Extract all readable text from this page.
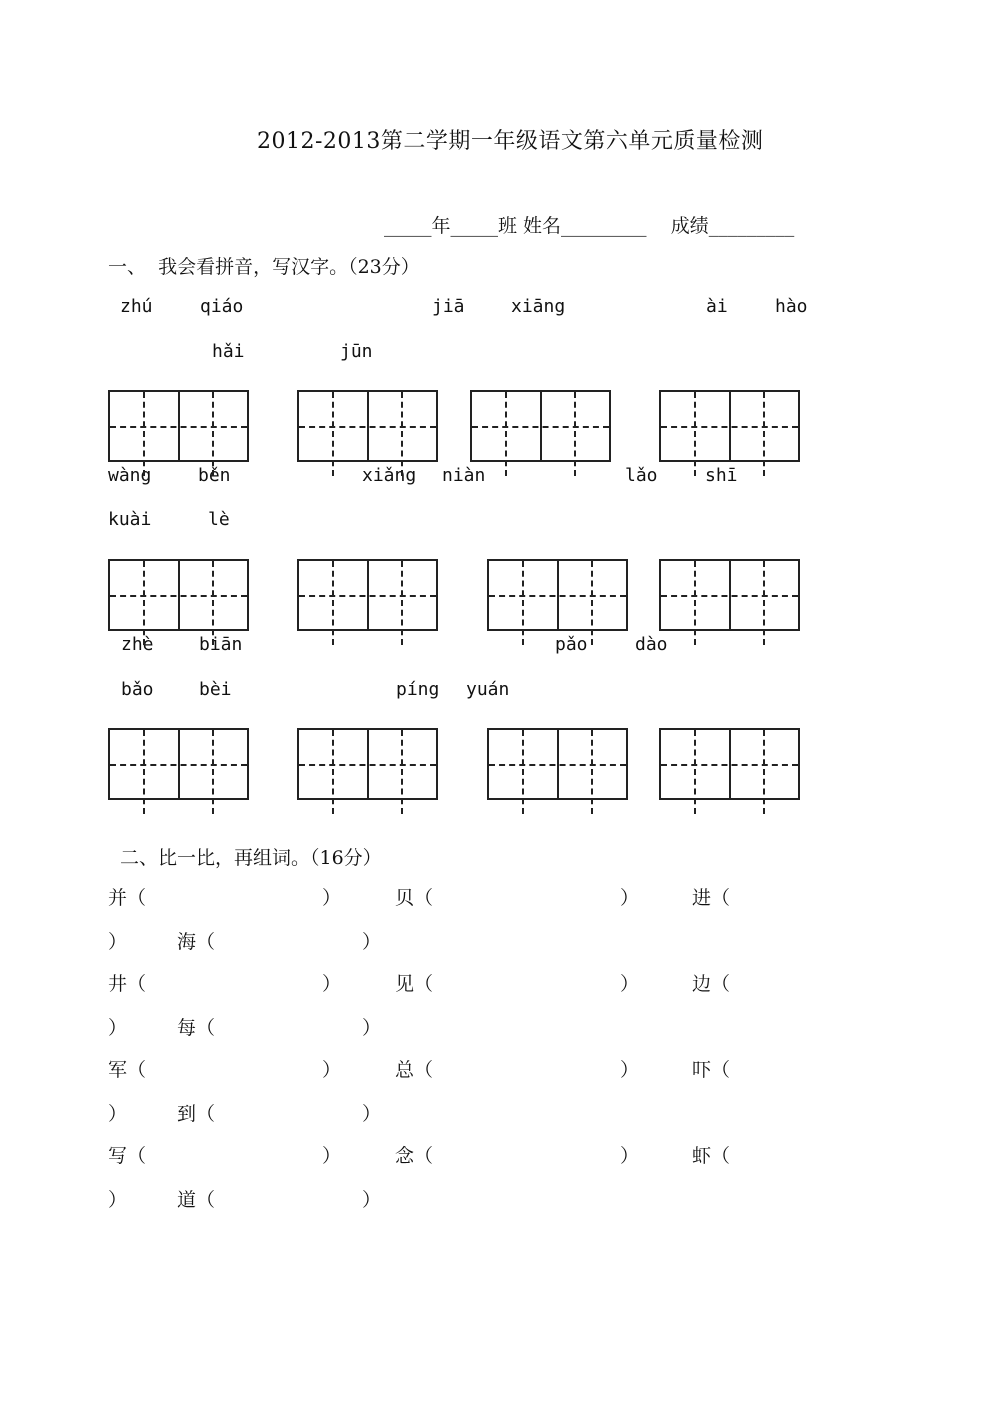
2012-2013第二学期一年级语文第六单元质量检测
_____年_____班 姓名_________    成绩_________
一、  我会看拼音，写汉字。（23分）
zhú	qiáo	jiā	xiāng	ài	hào
hǎi	jūn
wàng	běn	xiǎng niàn	lǎo	shī
kuài	lè
zhè	biān	pǎo	dào
bǎo	bèi	píng yuán
二、比一比，再组词。（16分）
并（	）	贝（	）	进（
）	海（	）
井（	）	见（	）	边（
）	每（	）
军（	）	总（	）	吓（
）	到（	）
写（	）	念（	）	虾（
）	道（	）
